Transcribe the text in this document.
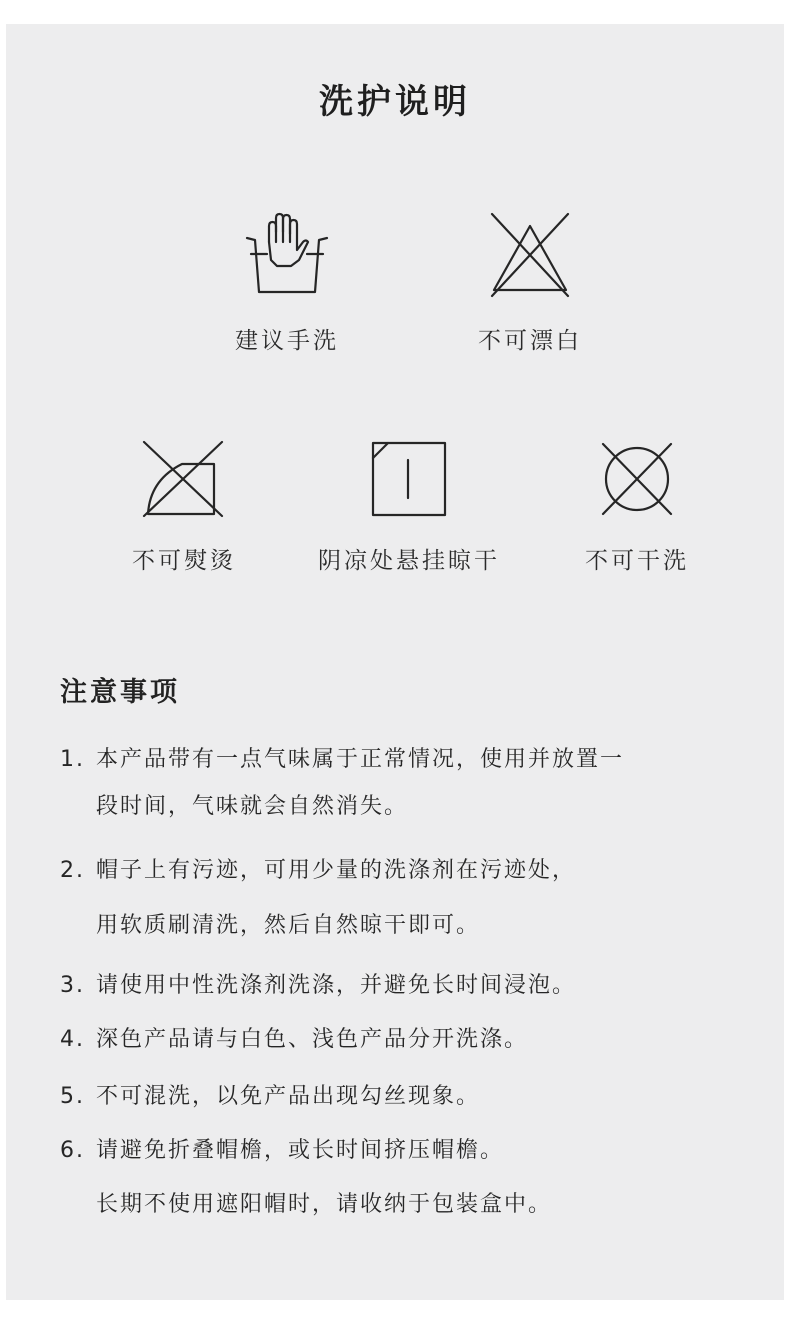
洗护说明
建议手洗	不可漂白
不可熨烫	阴凉处悬挂晾干	不可干洗
注意事项
1. 本产品带有一点气味属于正常情况，使用并放置一
段时间，气味就会自然消失。
2. 帽子上有污迹，可用少量的洗涤剂在污迹处，
用软质刷清洗，然后自然晾干即可。
3. 请使用中性洗涤剂洗涤，并避免长时间浸泡。
4. 深色产品请与白色、浅色产品分开洗涤。
5. 不可混洗，以免产品出现勾丝现象。
6. 请避免折叠帽檐，或长时间挤压帽檐。
长期不使用遮阳帽时，请收纳于包装盒中。
